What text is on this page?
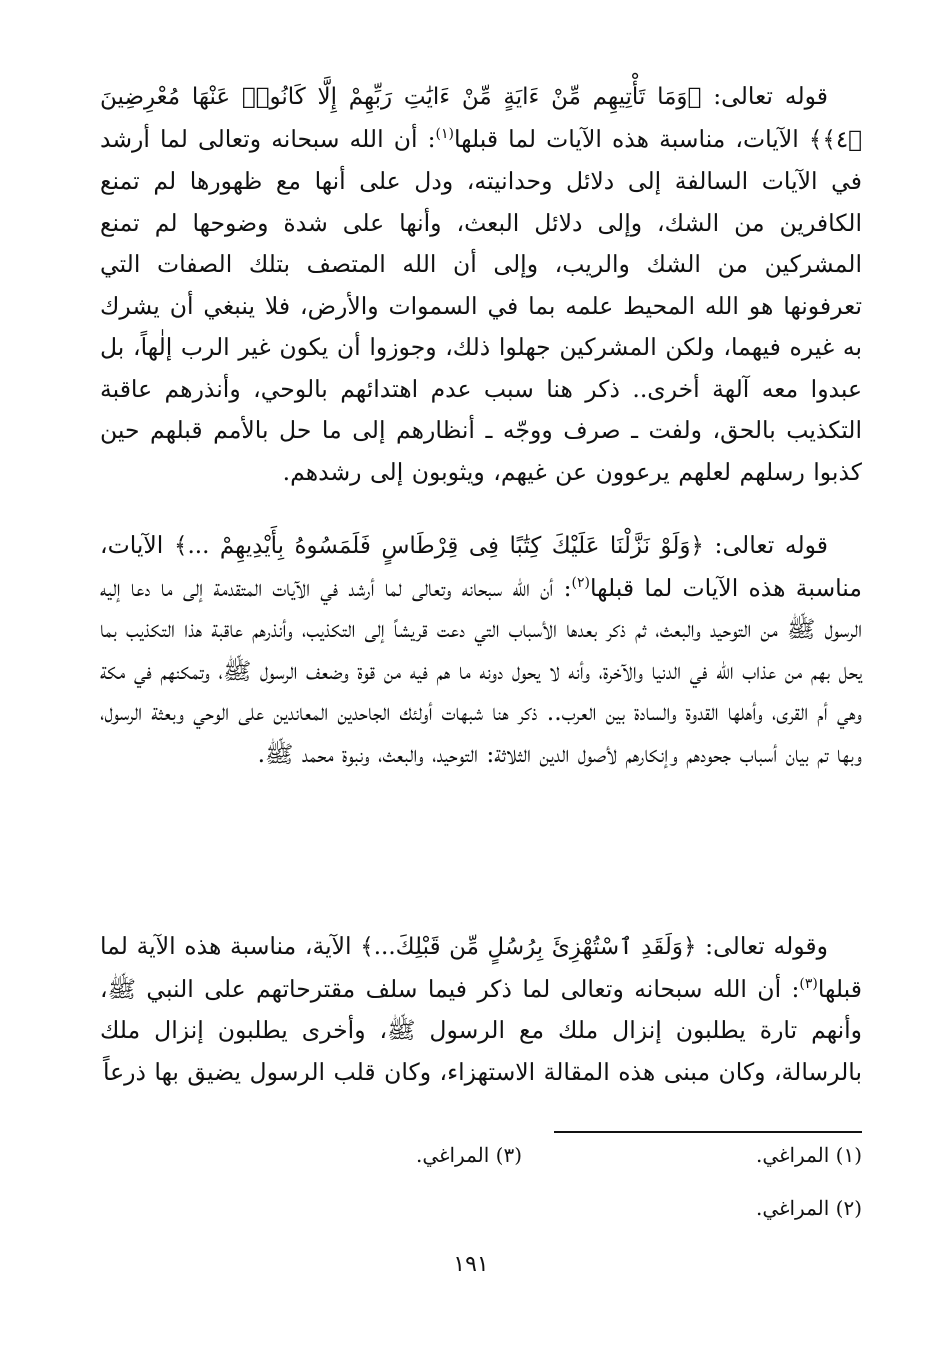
قوله تعالى: ﴿وَمَا تَأْتِيهِم مِّنْ ءَايَةٍ مِّنْ ءَايَٰتِ رَبِّهِمْ إِلَّا كَانُوا۟ عَنْهَا مُعْرِضِينَ ﴿٤﴾﴾ الآيات، مناسبة هذه الآيات لما قبلها$^{(١)}$: أن الله سبحانه وتعالى لما أرشد في الآيات السالفة إلى دلائل وحدانيته، ودل على أنها مع ظهورها لم تمنع الكافرين من الشك، وإلى دلائل البعث، وأنها على شدة وضوحها لم تمنع المشركين من الشك والريب، وإلى أن الله المتصف بتلك الصفات التي تعرفونها هو الله المحيط علمه بما في السموات والأرض، فلا ينبغي أن يشرك به غيره فيهما، ولكن المشركين جهلوا ذلك، وجوزوا أن يكون غير الرب إلٰهاً، بل عبدوا معه آلهة أخرى.. ذكر هنا سبب عدم اهتدائهم بالوحي، وأنذرهم عاقبة التكذيب بالحق، ولفت ـ صرف ووجّه ـ أنظارهم إلى ما حل بالأمم قبلهم حين كذبوا رسلهم لعلهم يرعوون عن غيهم، ويثوبون إلى رشدهم.
قوله تعالى: ﴿وَلَوْ نَزَّلْنَا عَلَيْكَ كِتَٰبًا فِى قِرْطَاسٍ فَلَمَسُوهُ بِأَيْدِيهِمْ ...﴾ الآيات، مناسبة هذه الآيات لما قبلها$^{(٢)}$: أن اللّه سبحانه وتعالى لما أرشد في الآيات المتقدمة إلى ما دعا إليه الرسول ﷺ من التوحيد والبعث، ثم ذكر بعدها الأسباب التي دعت قريشاً إلى التكذيب، وأنذرهم عاقبة هذا التكذيب بما يحل بهم من عذاب الله في الدنيا والآخرة، وأنه لا يحول دونه ما هم فيه من قوة وضعف الرسول ﷺ، وتمكنهم في مكة وهي أم القرى، وأهلها القدوة والسادة بين العرب.. ذكر هنا شبهات أولئك الجاحدين المعاندين على الوحي وبعثة الرسول، وبها تم بيان أسباب جحودهم وإنكارهم لأصول الدين الثلاثة: التوحيد، والبعث، ونبوة محمد ﷺ.
وقوله تعالى: ﴿وَلَقَدِ ٱسْتُهْزِئَ بِرُسُلٍ مِّن قَبْلِكَ...﴾ الآية، مناسبة هذه الآية لما قبلها$^{(٣)}$: أن الله سبحانه وتعالى لما ذكر فيما سلف مقترحاتهم على النبي ﷺ، وأنهم تارة يطلبون إنزال ملك مع الرسول ﷺ، وأخرى يطلبون إنزال ملك بالرسالة، وكان مبنى هذه المقالة الاستهزاء، وكان قلب الرسول يضيق بها ذرعاً
(١) المراغي.
(٣) المراغي.
(٢) المراغي.
١٩١
